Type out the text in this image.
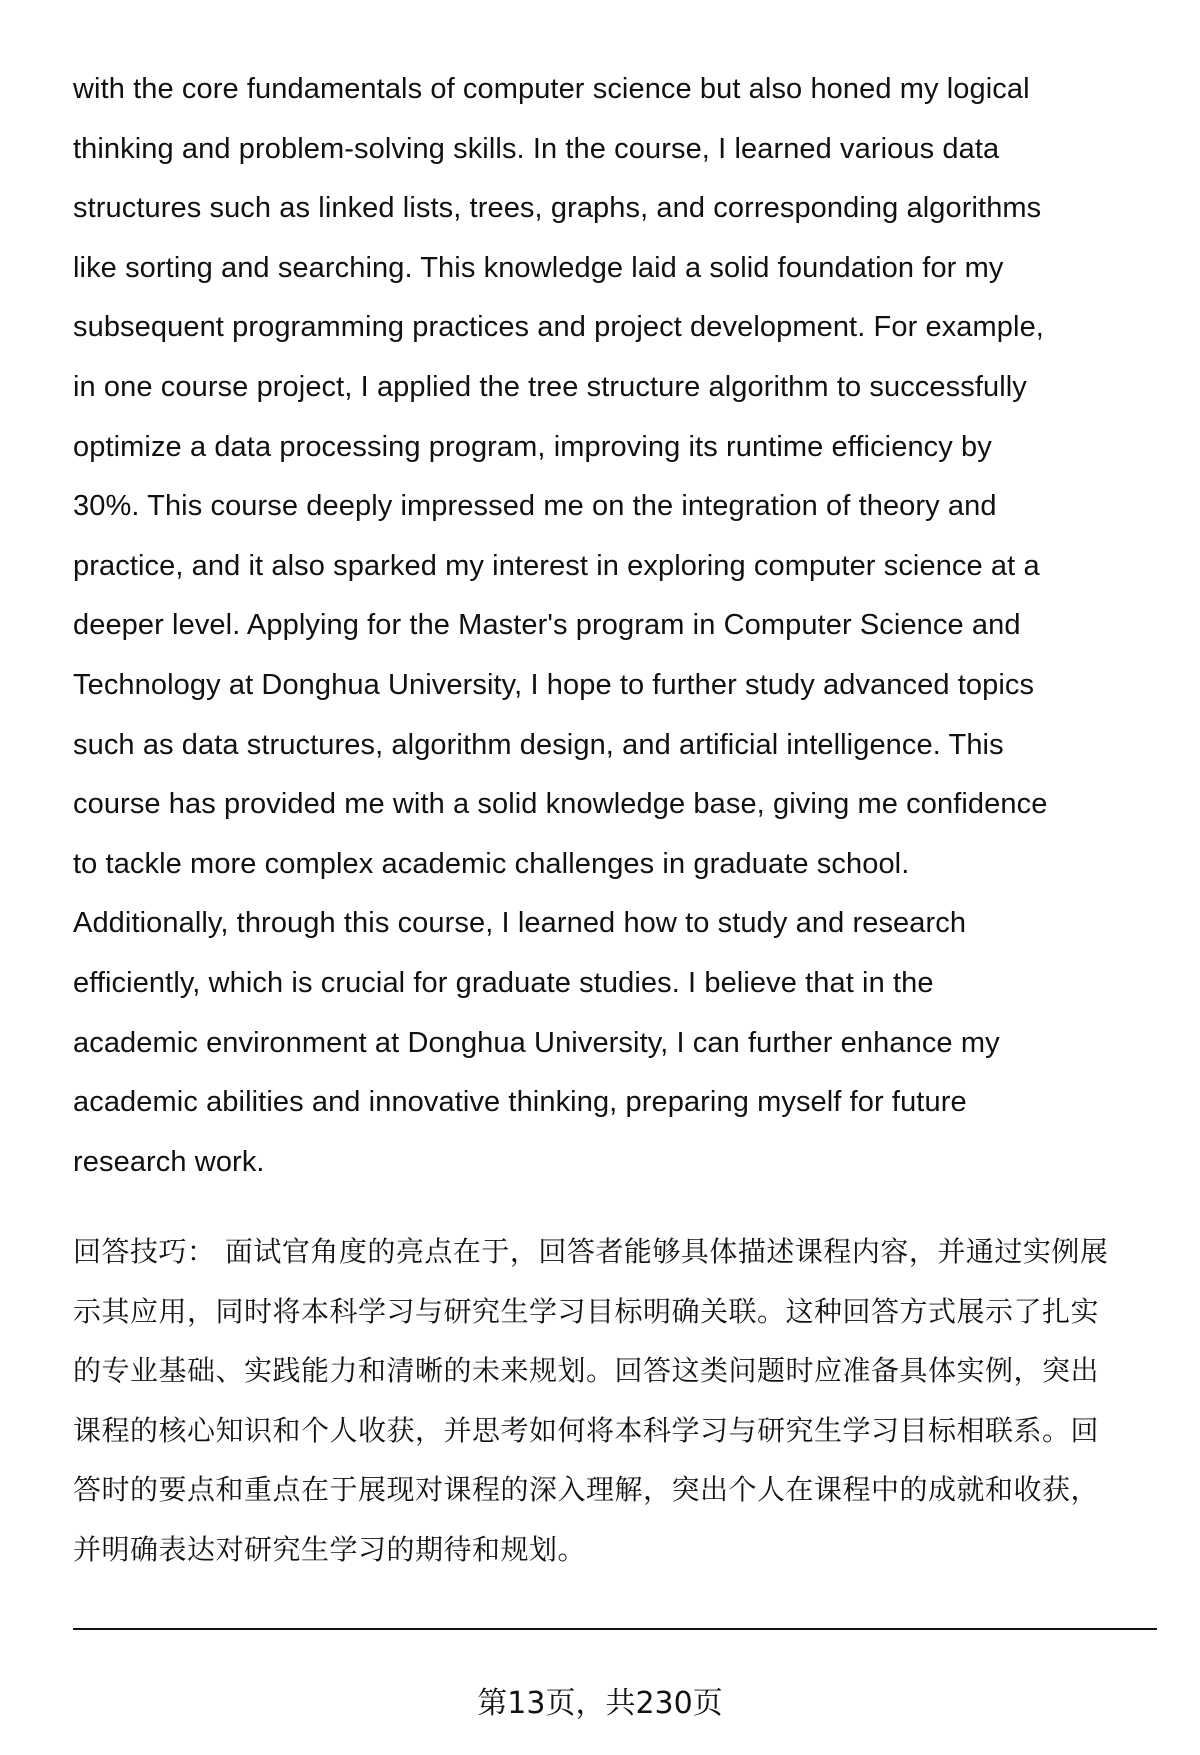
with the core fundamentals of computer science but also honed my logical
thinking and problem-solving skills. In the course, I learned various data
structures such as linked lists, trees, graphs, and corresponding algorithms
like sorting and searching. This knowledge laid a solid foundation for my
subsequent programming practices and project development. For example,
in one course project, I applied the tree structure algorithm to successfully
optimize a data processing program, improving its runtime efficiency by
30%. This course deeply impressed me on the integration of theory and
practice, and it also sparked my interest in exploring computer science at a
deeper level. Applying for the Master's program in Computer Science and
Technology at Donghua University, I hope to further study advanced topics
such as data structures, algorithm design, and artificial intelligence. This
course has provided me with a solid knowledge base, giving me confidence
to tackle more complex academic challenges in graduate school.
Additionally, through this course, I learned how to study and research
efficiently, which is crucial for graduate studies. I believe that in the
academic environment at Donghua University, I can further enhance my
academic abilities and innovative thinking, preparing myself for future
research work.
回答技巧： 面试官角度的亮点在于，回答者能够具体描述课程内容，并通过实例展
示其应用，同时将本科学习与研究生学习目标明确关联。这种回答方式展示了扎实
的专业基础、实践能力和清晰的未来规划。回答这类问题时应准备具体实例，突出
课程的核心知识和个人收获，并思考如何将本科学习与研究生学习目标相联系。回
答时的要点和重点在于展现对课程的深入理解，突出个人在课程中的成就和收获，
并明确表达对研究生学习的期待和规划。
第13页，共230页
